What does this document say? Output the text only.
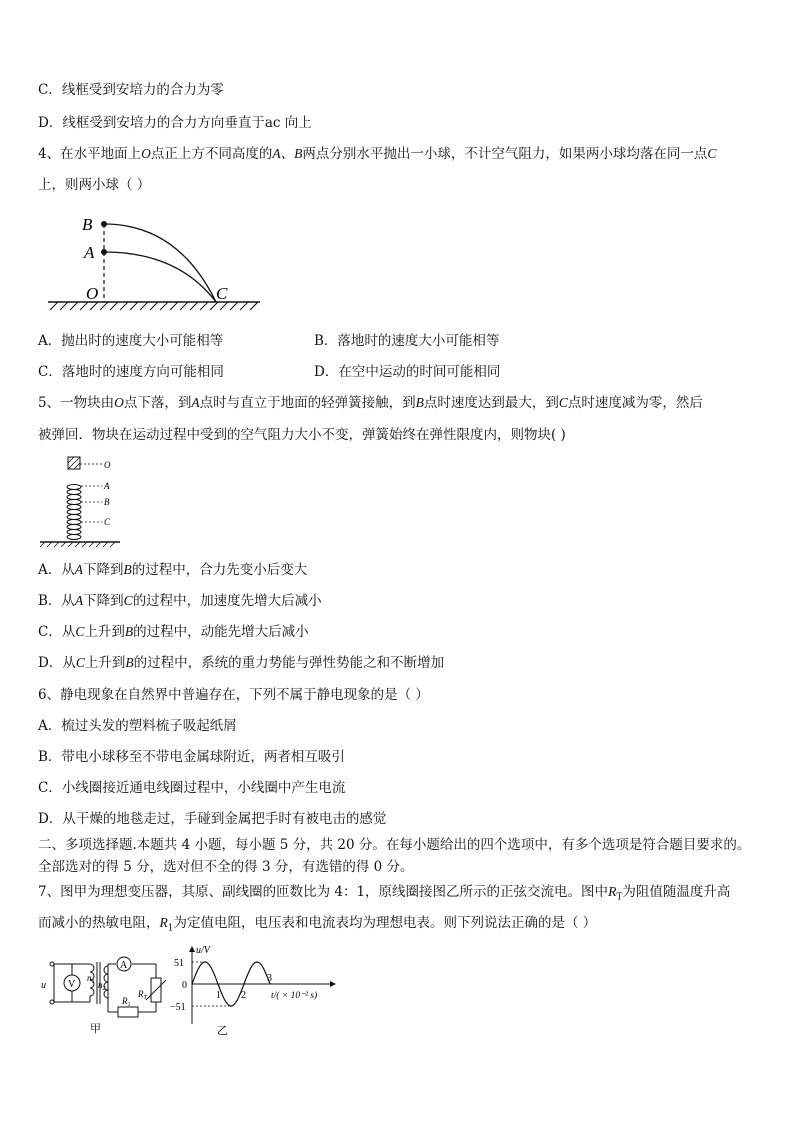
C．线框受到安培力的合力为零
D．线框受到安培力的合力方向垂直于ac 向上
4、在水平地面上O点正上方不同高度的A、B两点分别水平抛出一小球，不计空气阻力，如果两小球均落在同一点C
上，则两小球（ ）
B
A
O	C
A．抛出时的速度大小可能相等	B．落地时的速度大小可能相等
C．落地时的速度方向可能相同	D．在空中运动的时间可能相同
5、一物块由O点下落，到A点时与直立于地面的轻弹簧接触，到B点时速度达到最大，到C点时速度减为零，然后
被弹回．物块在运动过程中受到的空气阻力大小不变，弹簧始终在弹性限度内，则物块( )
O
A
B
C
A．从A下降到B的过程中，合力先变小后变大
B．从A下降到C的过程中，加速度先增大后减小
C．从C上升到B的过程中，动能先增大后减小
D．从C上升到B的过程中，系统的重力势能与弹性势能之和不断增加
6、静电现象在自然界中普遍存在，下列不属于静电现象的是（ ）
A．梳过头发的塑料梳子吸起纸屑
B．带电小球移至不带电金属球附近，两者相互吸引
C．小线圈接近通电线圈过程中，小线圈中产生电流
D．从干燥的地毯走过，手碰到金属把手时有被电击的感觉
二、多项选择题.本题共 4 小题，每小题 5 分，共 20 分。在每小题给出的四个选项中，有多个选项是符合题目要求的。
全部选对的得 5 分，选对但不全的得 3 分，有选错的得 0 分。
7、图甲为理想变压器，其原、副线圈的匝数比为 4：1，原线圈接图乙所示的正弦交流电。图中$R_T$为阻值随温度升高
而减小的热敏电阻，$R_1$为定值电阻，电压表和电流表均为理想电表。则下列说法正确的是（ ）
u V
$n_1$ $n_2$
A
$R_T$
$R_1$
甲
u/V
51
0
−51
1 2
3
t/( × 10⁻² s)
乙
